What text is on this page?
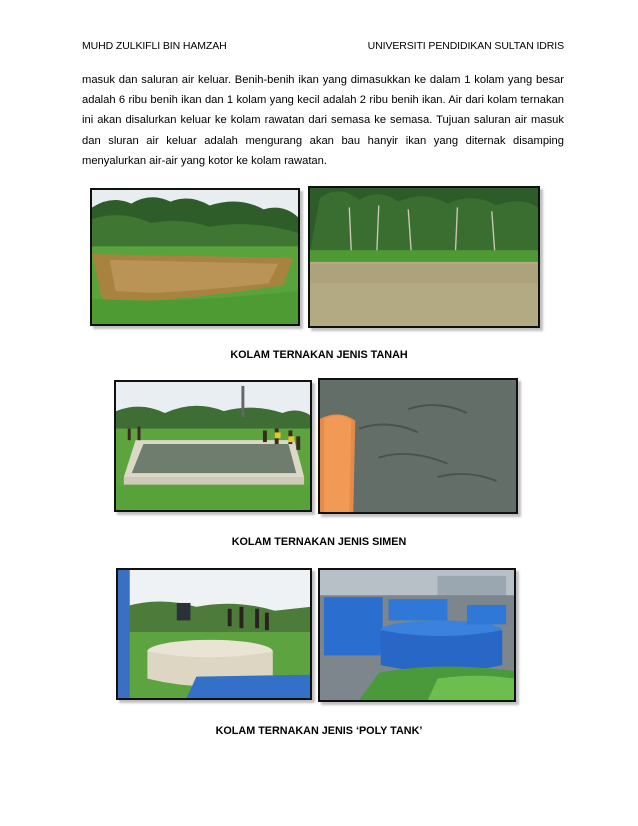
MUHD ZULKIFLI BIN HAMZAH	UNIVERSITI PENDIDIKAN SULTAN IDRIS

masuk dan saluran air keluar. Benih-benih ikan yang dimasukkan ke dalam 1 kolam yang besar adalah 6 ribu benih ikan dan 1 kolam yang kecil adalah 2 ribu benih ikan. Air dari kolam ternakan ini akan disalurkan keluar ke kolam rawatan dari semasa ke semasa. Tujuan saluran air masuk dan sluran air keluar adalah mengurang akan bau hanyir ikan yang diternak disamping menyalurkan air-air yang kotor ke kolam rawatan.

KOLAM TERNAKAN JENIS TANAH
KOLAM TERNAKAN JENIS SIMEN
KOLAM TERNAKAN JENIS ‘POLY TANK’
